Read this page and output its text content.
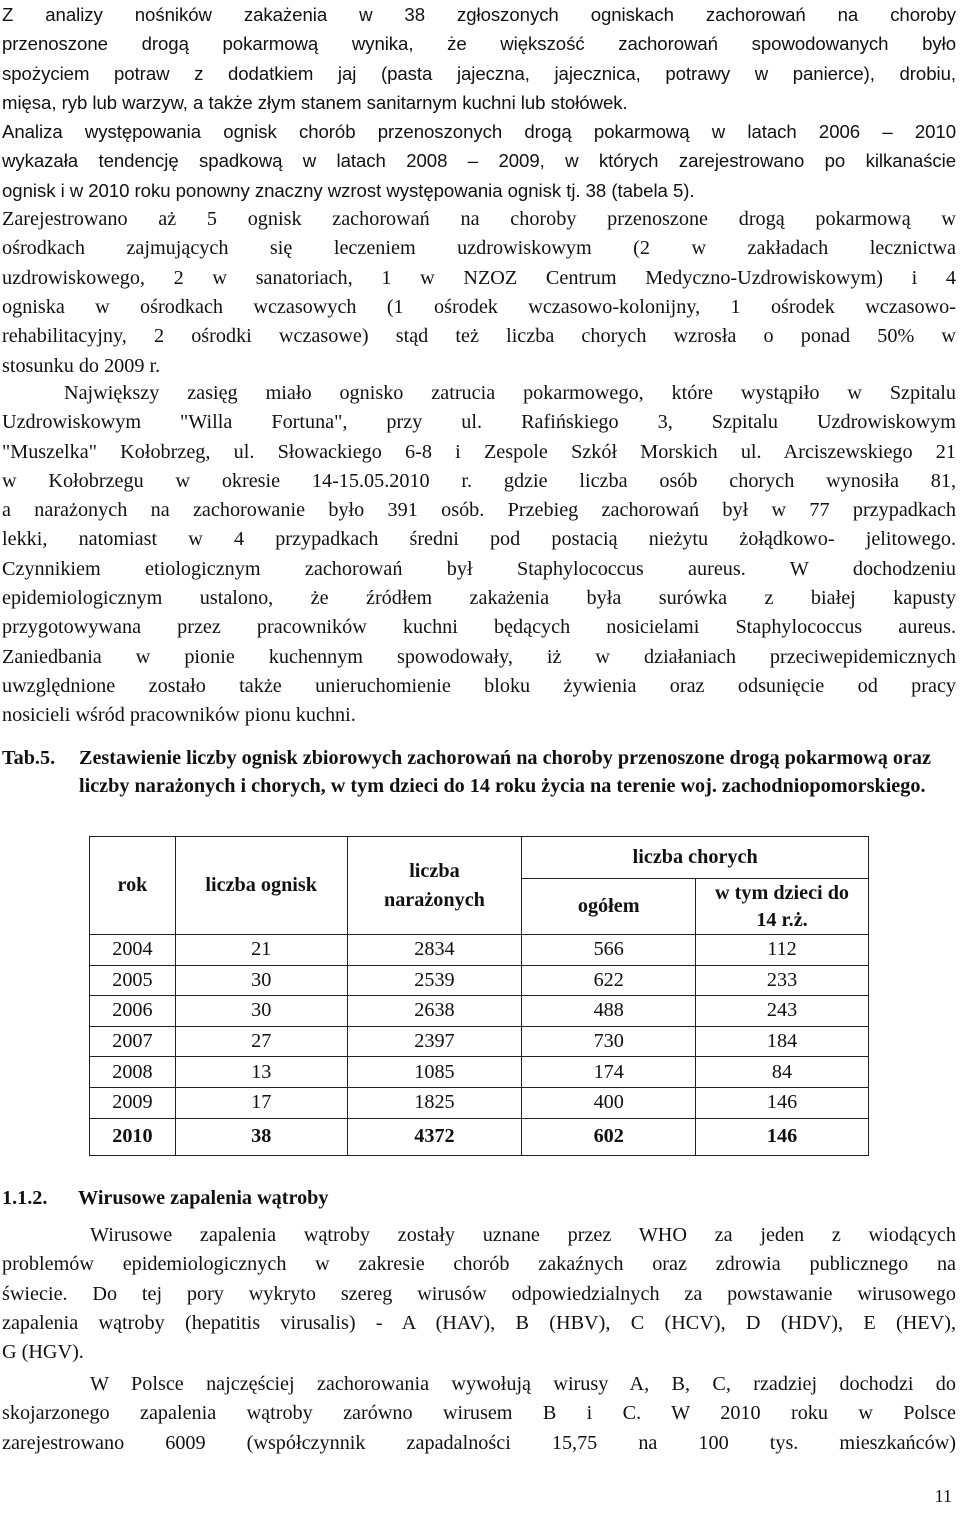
Z analizy nośników zakażenia w 38 zgłoszonych ogniskach zachorowań na choroby
przenoszone drogą pokarmową wynika, że większość zachorowań spowodowanych było
spożyciem potraw z dodatkiem jaj (pasta jajeczna, jajecznica, potrawy w panierce), drobiu,
mięsa, ryb lub warzyw, a także złym stanem sanitarnym kuchni lub stołówek.
Analiza występowania ognisk chorób przenoszonych drogą pokarmową w latach 2006 – 2010
wykazała tendencję spadkową w latach 2008 – 2009, w których zarejestrowano po kilkanaście
ognisk i w 2010 roku ponowny znaczny wzrost występowania ognisk tj. 38 (tabela 5).
Zarejestrowano aż 5 ognisk zachorowań na choroby przenoszone drogą pokarmową w
ośrodkach zajmujących się leczeniem uzdrowiskowym (2 w zakładach lecznictwa
uzdrowiskowego, 2 w sanatoriach, 1 w NZOZ Centrum Medyczno-Uzdrowiskowym) i 4
ogniska w ośrodkach wczasowych (1 ośrodek wczasowo-kolonijny, 1 ośrodek wczasowo-
rehabilitacyjny, 2 ośrodki wczasowe) stąd też liczba chorych wzrosła o ponad 50% w
stosunku do 2009 r.
Największy zasięg miało ognisko zatrucia pokarmowego, które wystąpiło w Szpitalu
Uzdrowiskowym "Willa Fortuna", przy ul. Rafińskiego 3, Szpitalu Uzdrowiskowym
"Muszelka" Kołobrzeg, ul. Słowackiego 6-8 i Zespole Szkół Morskich ul. Arciszewskiego 21
w Kołobrzegu w okresie 14-15.05.2010 r. gdzie liczba osób chorych wynosiła 81,
a narażonych na zachorowanie było 391 osób. Przebieg zachorowań był w 77 przypadkach
lekki, natomiast w 4 przypadkach średni pod postacią nieżytu żołądkowo- jelitowego.
Czynnikiem etiologicznym zachorowań był Staphylococcus aureus. W dochodzeniu
epidemiologicznym ustalono, że źródłem zakażenia była surówka z białej kapusty
przygotowywana przez pracowników kuchni będących nosicielami Staphylococcus aureus.
Zaniedbania w pionie kuchennym spowodowały, iż w działaniach przeciwepidemicznych
uwzględnione zostało także unieruchomienie bloku żywienia oraz odsunięcie od pracy
nosicieli wśród pracowników pionu kuchni.
Tab.5. Zestawienie liczby ognisk zbiorowych zachorowań na choroby przenoszone drogą pokarmową oraz liczby narażonych i chorych, w tym dzieci do 14 roku życia na terenie woj. zachodniopomorskiego.
rok	liczba ognisk	liczba narażonych	liczba chorych	
			ogółem	w tym dzieci do 14 r.ż.
2004	21	2834	566	112
2005	30	2539	622	233
2006	30	2638	488	243
2007	27	2397	730	184
2008	13	1085	174	84
2009	17	1825	400	146
2010	38	4372	602	146
1.1.2. Wirusowe zapalenia wątroby
Wirusowe zapalenia wątroby zostały uznane przez WHO za jeden z wiodących
problemów epidemiologicznych w zakresie chorób zakaźnych oraz zdrowia publicznego na
świecie. Do tej pory wykryto szereg wirusów odpowiedzialnych za powstawanie wirusowego
zapalenia wątroby (hepatitis virusalis) - A (HAV), B (HBV), C (HCV), D (HDV), E (HEV),
G (HGV).
W Polsce najczęściej zachorowania wywołują wirusy A, B, C, rzadziej dochodzi do
skojarzonego zapalenia wątroby zarówno wirusem B i C. W 2010 roku w Polsce
zarejestrowano 6009 (współczynnik zapadalności 15,75 na 100 tys. mieszkańców)
11
